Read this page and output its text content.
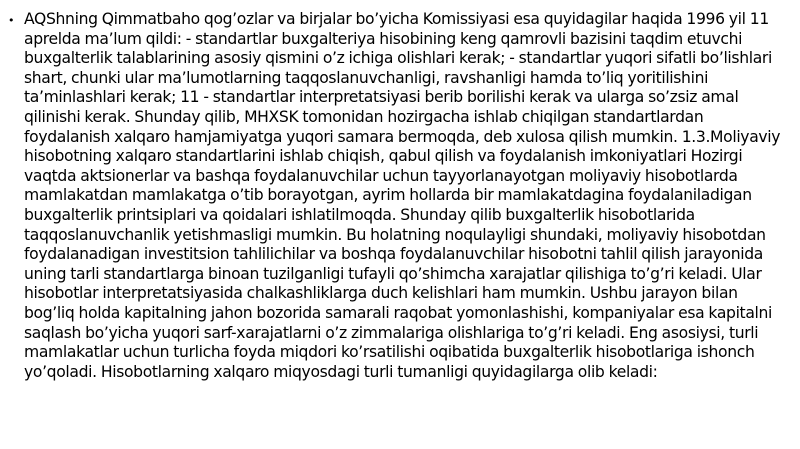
• AQShning Qimmatbaho qog’ozlar va birjalar bo’yicha Komissiyasi esa quyidagilar haqida 1996 yil 11 aprelda ma’lum qildi: - standartlar buxgalteriya hisobining keng qamrovli bazisini taqdim etuvchi buxgalterlik talablarining asosiy qismini o’z ichiga olishlari kerak; - standartlar yuqori sifatli bo’lishlari shart, chunki ular ma’lumotlarning taqqoslanuvchanligi, ravshanligi hamda to’liq yoritilishini ta’minlashlari kerak; 11 - standartlar interpretatsiyasi berib borilishi kerak va ularga so’zsiz amal qilinishi kerak. Shunday qilib, MHXSK tomonidan hozirgacha ishlab chiqilgan standartlardan foydalanish xalqaro hamjamiyatga yuqori samara bermoqda, deb xulosa qilish mumkin. 1.3.Moliyaviy hisobotning xalqaro standartlarini ishlab chiqish, qabul qilish va foydalanish imkoniyatlari Hozirgi vaqtda aktsionerlar va bashqa foydalanuvchilar uchun tayyorlanayotgan moliyaviy hisobotlarda mamlakatdan mamlakatga o’tib borayotgan, ayrim hollarda bir mamlakatdagina foydalaniladigan buxgalterlik printsiplari va qoidalari ishlatilmoqda. Shunday qilib buxgalterlik hisobotlarida taqqoslanuvchanlik yetishmasligi mumkin. Bu holatning noqulayligi shundaki, moliyaviy hisobotdan foydalanadigan investitsion tahlilichilar va boshqa foydalanuvchilar hisobotni tahlil qilish jarayonida uning tarli standartlarga binoan tuzilganligi tufayli qo’shimcha xarajatlar qilishiga to’g’ri keladi. Ular hisobotlar interpretatsiyasida chalkashliklarga duch kelishlari ham mumkin. Ushbu jarayon bilan bog’liq holda kapitalning jahon bozorida samarali raqobat yomonlashishi, kompaniyalar esa kapitalni saqlash bo’yicha yuqori sarf-xarajatlarni o’z zimmalariga olishlariga to’g’ri keladi. Eng asosiysi, turli mamlakatlar uchun turlicha foyda miqdori ko’rsatilishi oqibatida buxgalterlik hisobotlariga ishonch yo’qoladi. Hisobotlarning xalqaro miqyosdagi turli tumanligi quyidagilarga olib keladi:
